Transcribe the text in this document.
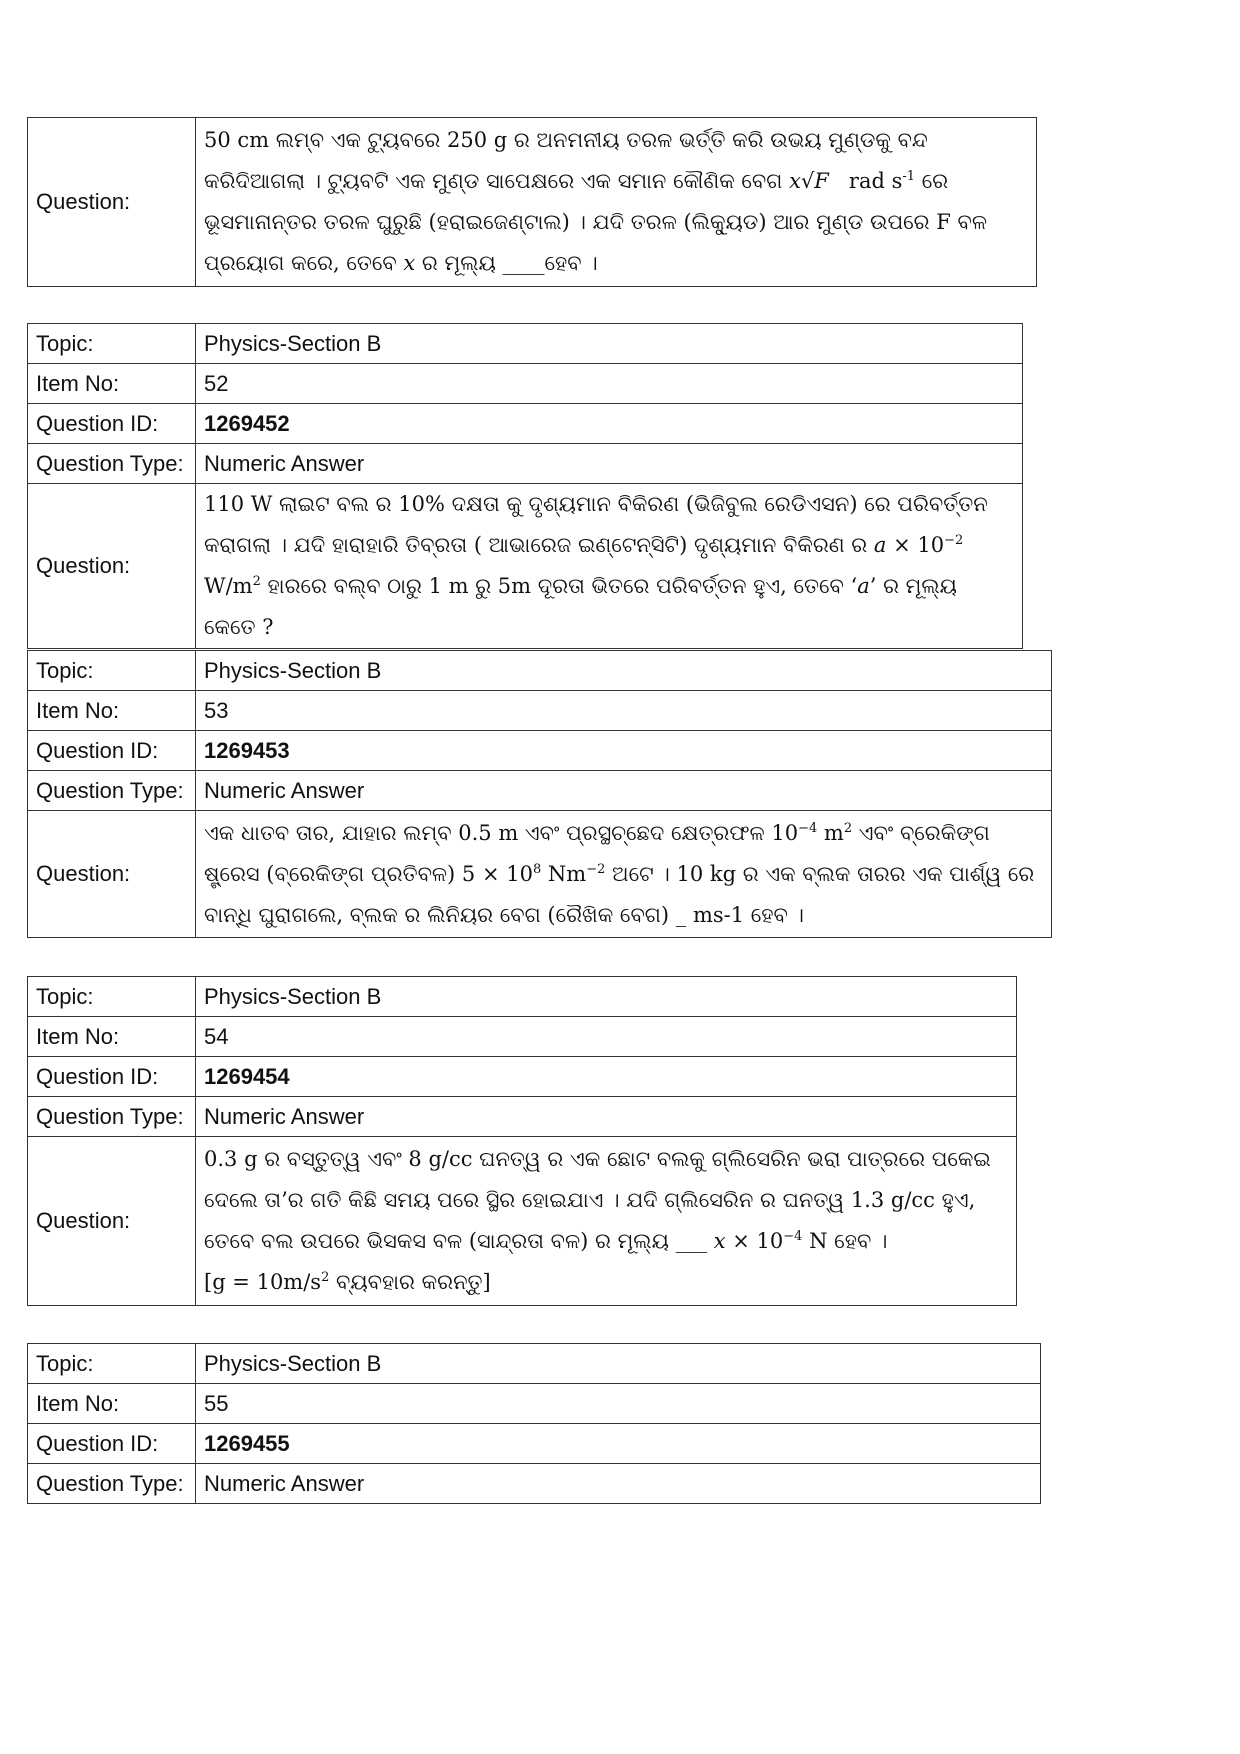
Question:	50 cm ଲମ୍ବ ଏକ ଟ୍ୟୁବରେ 250 g ର ଅନମନୀୟ ତରଳ ଭର୍ତ୍ତି କରି ଉଭୟ ମୁଣ୍ଡକୁ ବନ୍ଦ କରିଦିଆଗଲା । ଟ୍ୟୁବଟି ଏକ ମୁଣ୍ଡ ସାପେକ୍ଷରେ ଏକ ସମାନ କୌଣିକ ବେଗ x√F   rad $s^{-1}$ ରେ ଭୂସମାନାନ୍ତର ତରଳ ଘୁରୁଛି (ହରାଇଜେଣ୍ଟାଲ) । ଯଦି ତରଳ (ଲିକ୍ୟୁଡ) ଆର ମୁଣ୍ଡ ଉପରେ F ବଳ ପ୍ରୟୋଗ କରେ, ତେବେ x ର ମୂଲ୍ୟ ____ହେବ ।
Topic:	Physics-Section B
Item No:	52
Question ID:	1269452
Question Type:	Numeric Answer
Question:	110 W ଲାଇଟ ବଲ ର 10% ଦକ୍ଷତା କୁ ଦୃଶ୍ୟମାନ ବିକିରଣ (ଭିଜିବୁଲ ରେଡିଏସନ) ରେ ପରିବର୍ତ୍ତନ କରାଗଲା । ଯଦି ହାରାହାରି ତିବ୍ରତା ( ଆଭାରେଜ ଇଣ୍ଟେନ୍ସିଟି) ଦୃଶ୍ୟମାନ ବିକିରଣ ର $a \times 10^{-2}$ $W/m^2$ ହାରରେ ବଲ୍ବ ଠାରୁ 1 m ରୁ 5m ଦୂରତା ଭିତରେ ପରିବର୍ତ୍ତନ ହୁଏ, ତେବେ ‘a’ ର ମୂଲ୍ୟ କେତେ ?
Topic:	Physics-Section B
Item No:	53
Question ID:	1269453
Question Type:	Numeric Answer
Question:	ଏକ ଧାତବ ତାର, ଯାହାର ଲମ୍ବ 0.5 m ଏବଂ ପ୍ରସ୍ଥଚ୍ଛେଦ କ୍ଷେତ୍ରଫଳ $10^{-4}$ $m^2$ ଏବଂ ବ୍ରେକିଙ୍ଗ ଷ୍ଟ୍ରେସ (ବ୍ରେକିଙ୍ଗ ପ୍ରତିବଳ) $5 \times 10^8$ $Nm^{-2}$ ଅଟେ । 10 kg ର ଏକ ବ୍ଲକ ତାରର ଏକ ପାର୍ଶ୍ୱ ରେ ବାନ୍ଧି ଘୁରାଗଲେ, ବ୍ଲକ ର ଲିନିୟର ବେଗ (ରୈଖିକ ବେଗ) _ ms-1 ହେବ ।
Topic:	Physics-Section B
Item No:	54
Question ID:	1269454
Question Type:	Numeric Answer
Question:	0.3 g ର ବସ୍ତୁତ୍ୱ ଏବଂ 8 g/cc ଘନତ୍ୱ ର ଏକ ଛୋଟ ବଲକୁ ଗ୍ଲିସେରିନ ଭରା ପାତ୍ରରେ ପକେଇ ଦେଲେ ତା’ର ଗତି କିଛି ସମୟ ପରେ ସ୍ଥିର ହୋଇଯାଏ । ଯଦି ଗ୍ଲିସେରିନ ର ଘନତ୍ୱ 1.3 g/cc ହୁଏ, ତେବେ ବଲ ଉପରେ ଭିସକସ ବଳ (ସାନ୍ଦ୍ରତା ବଳ) ର ମୂଲ୍ୟ ___ $x \times 10^{-4}$ N ହେବ ।
[$g = 10m/s^2$ ବ୍ୟବହାର କରନ୍ତୁ]
Topic:	Physics-Section B
Item No:	55
Question ID:	1269455
Question Type:	Numeric Answer
